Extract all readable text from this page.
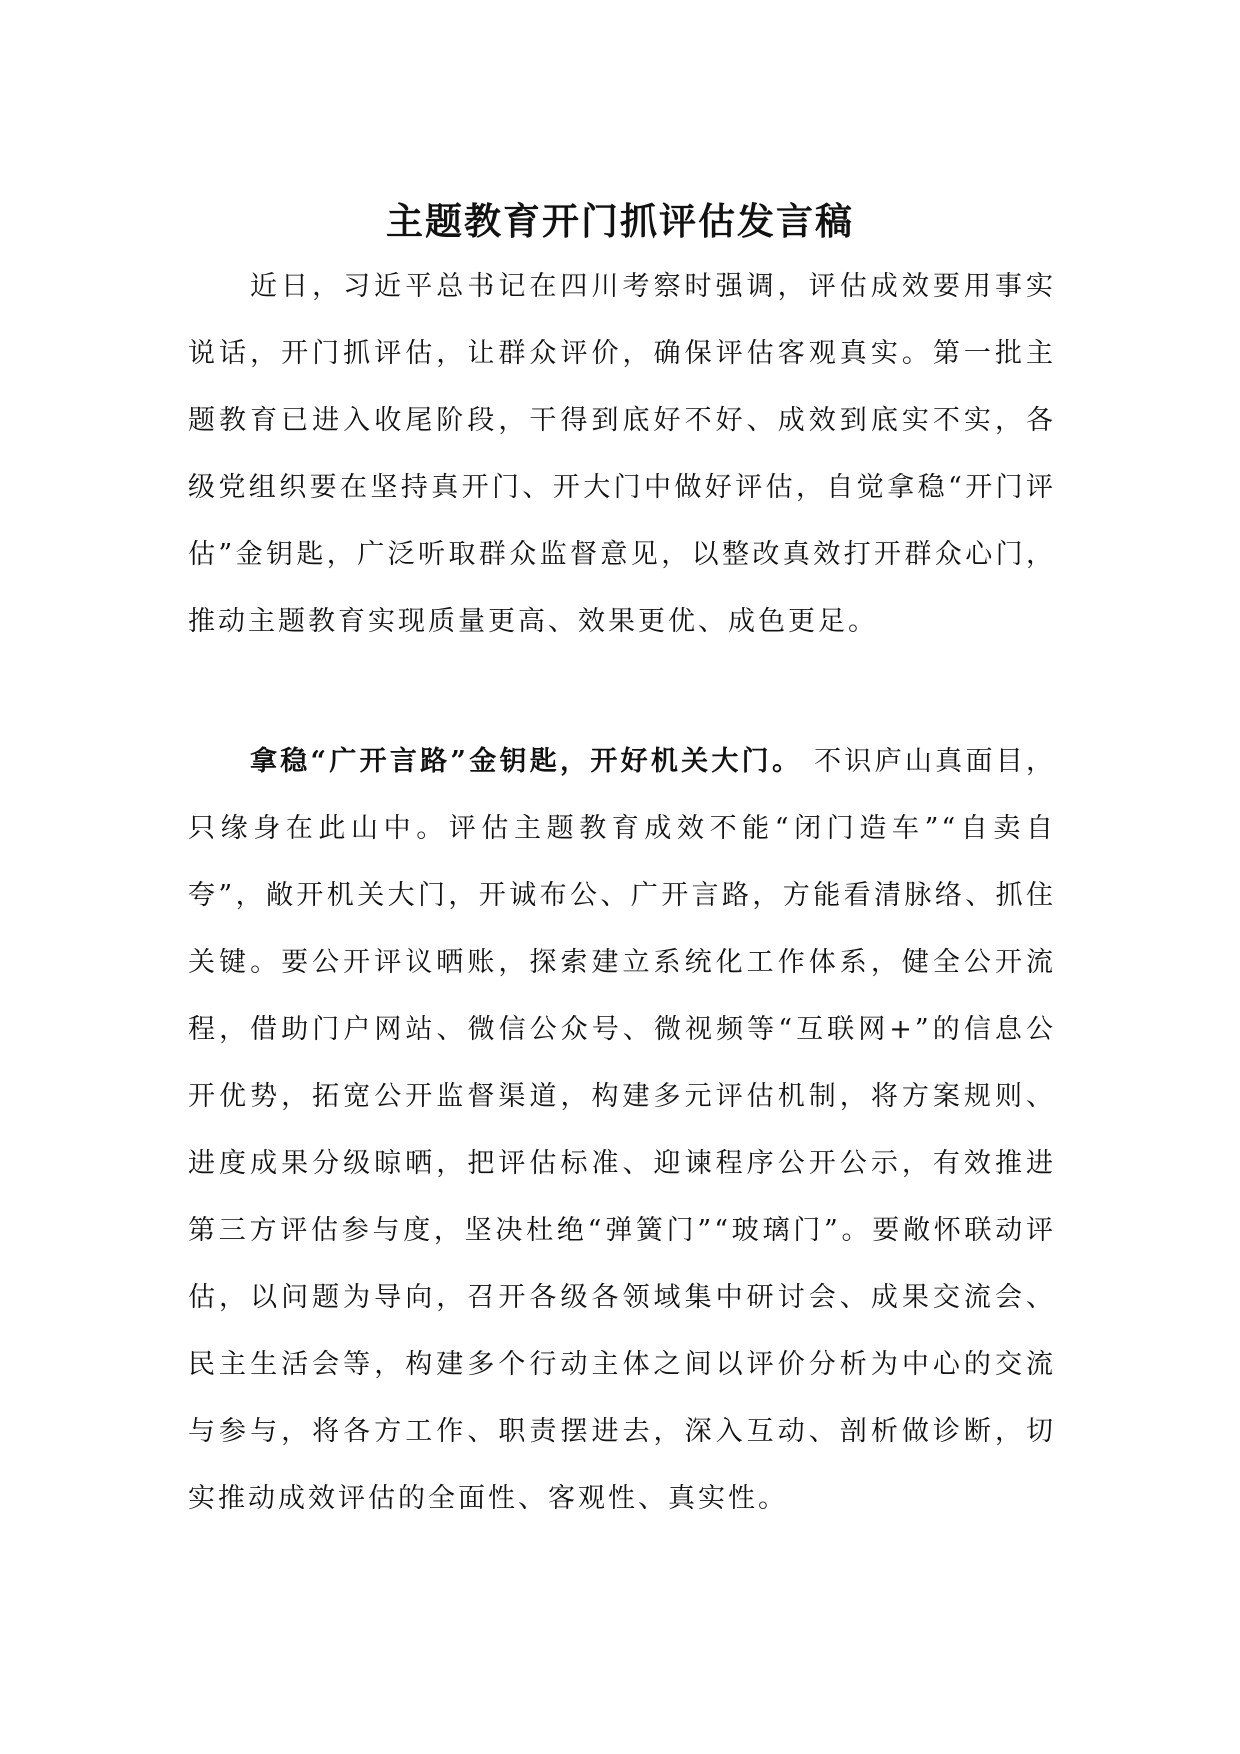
主题教育开门抓评估发言稿

近日，习近平总书记在四川考察时强调，评估成效要用事实说话，开门抓评估，让群众评价，确保评估客观真实。第一批主题教育已进入收尾阶段，干得到底好不好、成效到底实不实，各级党组织要在坚持真开门、开大门中做好评估，自觉拿稳“开门评估”金钥匙，广泛听取群众监督意见，以整改真效打开群众心门，推动主题教育实现质量更高、效果更优、成色更足。

拿稳“广开言路”金钥匙，开好机关大门。 不识庐山真面目，只缘身在此山中。评估主题教育成效不能“闭门造车”“自卖自夸”，敞开机关大门，开诚布公、广开言路，方能看清脉络、抓住关键。要公开评议晒账，探索建立系统化工作体系，健全公开流程，借助门户网站、微信公众号、微视频等“互联网+”的信息公开优势，拓宽公开监督渠道，构建多元评估机制，将方案规则、进度成果分级晾晒，把评估标准、迎谏程序公开公示，有效推进第三方评估参与度，坚决杜绝“弹簧门”“玻璃门”。要敞怀联动评估，以问题为导向，召开各级各领域集中研讨会、成果交流会、民主生活会等，构建多个行动主体之间以评价分析为中心的交流与参与，将各方工作、职责摆进去，深入互动、剖析做诊断，切实推动成效评估的全面性、客观性、真实性。
